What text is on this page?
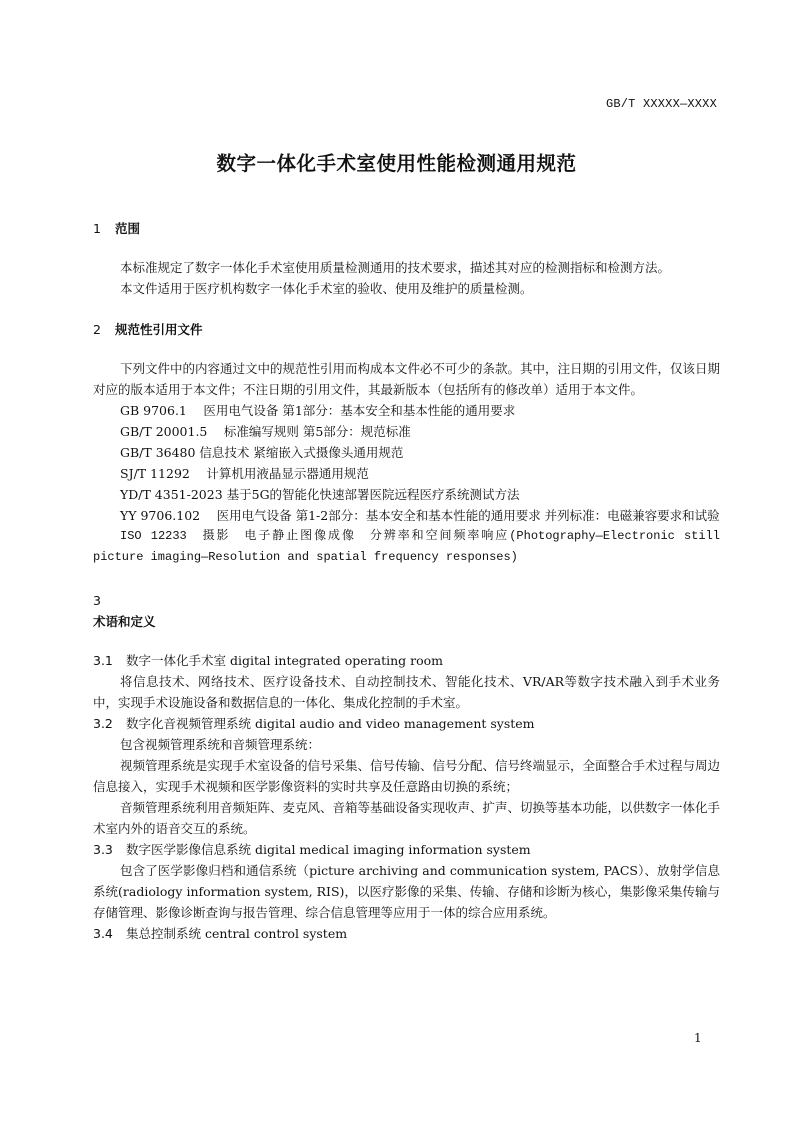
GB/T XXXXX—XXXX
数字一体化手术室使用性能检测通用规范
1 范围
本标准规定了数字一体化手术室使用质量检测通用的技术要求，描述其对应的检测指标和检测方法。
本文件适用于医疗机构数字一体化手术室的验收、使用及维护的质量检测。
2 规范性引用文件
下列文件中的内容通过文中的规范性引用而构成本文件必不可少的条款。其中，注日期的引用文件，仅该日期对应的版本适用于本文件；不注日期的引用文件，其最新版本（包括所有的修改单）适用于本文件。
GB 9706.1　 医用电气设备 第1部分：基本安全和基本性能的通用要求
GB/T 20001.5　 标准编写规则 第5部分：规范标准
GB/T 36480 信息技术 紧缩嵌入式摄像头通用规范
SJ/T 11292　 计算机用液晶显示器通用规范
YD/T 4351-2023 基于5G的智能化快速部署医院远程医疗系统测试方法
YY 9706.102　 医用电气设备 第1-2部分：基本安全和基本性能的通用要求 并列标准：电磁兼容要求和试验
ISO 12233　摄影　电子静止图像成像　分辨率和空间频率响应(Photography—Electronic still picture imaging—Resolution and spatial frequency responses)
3
术语和定义
3.1 数字一体化手术室 digital integrated operating room
将信息技术、网络技术、医疗设备技术、自动控制技术、智能化技术、VR/AR等数字技术融入到手术业务中，实现手术设施设备和数据信息的一体化、集成化控制的手术室。
3.2 数字化音视频管理系统 digital audio and video management system
包含视频管理系统和音频管理系统：
视频管理系统是实现手术室设备的信号采集、信号传输、信号分配、信号终端显示，全面整合手术过程与周边信息接入，实现手术视频和医学影像资料的实时共享及任意路由切换的系统；
音频管理系统利用音频矩阵、麦克风、音箱等基础设备实现收声、扩声、切换等基本功能，以供数字一体化手术室内外的语音交互的系统。
3.3 数字医学影像信息系统 digital medical imaging information system
包含了医学影像归档和通信系统（picture archiving and communication system, PACS）、放射学信息系统(radiology information system, RIS)，以医疗影像的采集、传输、存储和诊断为核心，集影像采集传输与存储管理、影像诊断查询与报告管理、综合信息管理等应用于一体的综合应用系统。
3.4 集总控制系统 central control system
1
